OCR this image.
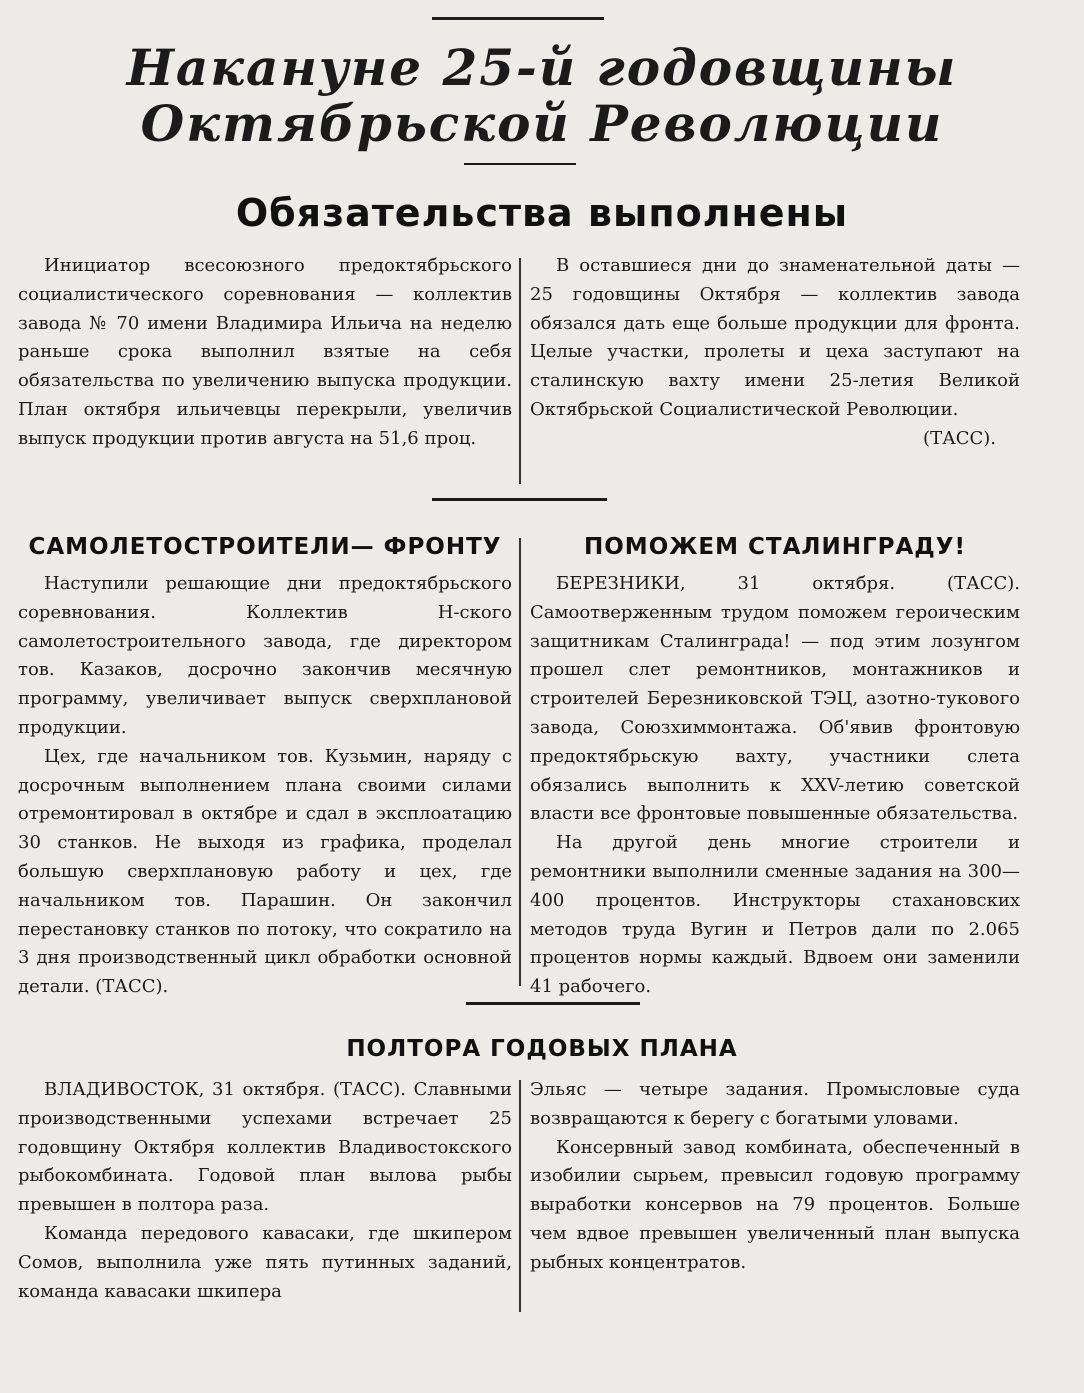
Накануне 25-й годовщины
Октябрьской Революции
Обязательства выполнены

Инициатор всесоюзного предоктябрьского социалистического соревнования — коллектив завода № 70 имени Владимира Ильича на неделю раньше срока выполнил взятые на себя обязательства по увеличению выпуска продукции. План октября ильичевцы перекрыли, увеличив выпуск продукции против августа на 51,6 проц.

В оставшиеся дни до знаменательной даты — 25 годовщины Октября — коллектив завода обязался дать еще больше продукции для фронта. Целые участки, пролеты и цеха заступают на сталинскую вахту имени 25-летия Великой Октябрьской Социалистической Революции.

(ТАСС).
САМОЛЕТОСТРОИТЕЛИ— ФРОНТУ	ПОМОЖЕМ СТАЛИНГРАДУ!

Наступили решающие дни предоктябрьского соревнования. Коллектив Н-ского самолетостроительного завода, где директором тов. Казаков, досрочно закончив месячную программу, увеличивает выпуск сверхплановой продукции.

Цех, где начальником тов. Кузьмин, наряду с досрочным выполнением плана своими силами отремонтировал в октябре и сдал в эксплоатацию 30 станков. Не выходя из графика, проделал большую сверхплановую работу и цех, где начальником тов. Парашин. Он закончил перестановку станков по потоку, что сократило на 3 дня производственный цикл обработки основной детали. (ТАСС).

БЕРЕЗНИКИ, 31 октября. (ТАСС). Самоотверженным трудом поможем героическим защитникам Сталинграда! — под этим лозунгом прошел слет ремонтников, монтажников и строителей Березниковской ТЭЦ, азотно-тукового завода, Союзхиммонтажа. Об'явив фронтовую предоктябрьскую вахту, участники слета обязались выполнить к XXV-летию советской власти все фронтовые повышенные обязательства.

На другой день многие строители и ремонтники выполнили сменные задания на 300—400 процентов. Инструкторы стахановских методов труда Вугин и Петров дали по 2.065 процентов нормы каждый. Вдвоем они заменили 41 рабочего.

ПОЛТОРА ГОДОВЫХ ПЛАНА

ВЛАДИВОСТОК, 31 октября. (ТАСС). Славными производственными успехами встречает 25 годовщину Октября коллектив Владивостокского рыбокомбината. Годовой план вылова рыбы превышен в полтора раза.

Команда передового кавасаки, где шкипером Сомов, выполнила уже пять путинных заданий, команда кавасаки шкипера

Эльяс — четыре задания. Промысловые суда возвращаются к берегу с богатыми уловами.

Консервный завод комбината, обеспеченный в изобилии сырьем, превысил годовую программу выработки консервов на 79 процентов. Больше чем вдвое превышен увеличенный план выпуска рыбных концентратов.
